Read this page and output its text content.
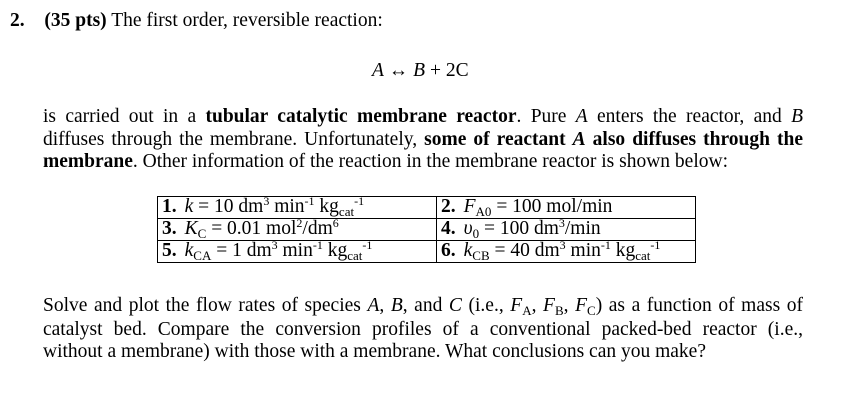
2. (35 pts) The first order, reversible reaction:
A ↔ B + 2C
is carried out in a tubular catalytic membrane reactor. Pure A enters the reactor, and B
diffuses through the membrane. Unfortunately, some of reactant A also diffuses through the
membrane. Other information of the reaction in the membrane reactor is shown below:
1. k = 10 $dm^3$ $\min^{-1} kg_{cat}^{-1}$	2. $F_{A0} = 100$ mol/min
3. $K_C = 0.01$ $mol^2/dm^6$	4. $\upsilon_0 = 100$ $dm^3/\min$
5. $k_{CA} = 1$ $dm^3$ $\min^{-1} kg_{cat}^{-1}$	6. $k_{CB} = 40$ $dm^3$ $\min^{-1} kg_{cat}^{-1}$
Solve and plot the flow rates of species A, B, and C (i.e., $F_A$, $F_B$, $F_C$) as a function of mass of
catalyst bed. Compare the conversion profiles of a conventional packed-bed reactor (i.e.,
without a membrane) with those with a membrane. What conclusions can you make?
